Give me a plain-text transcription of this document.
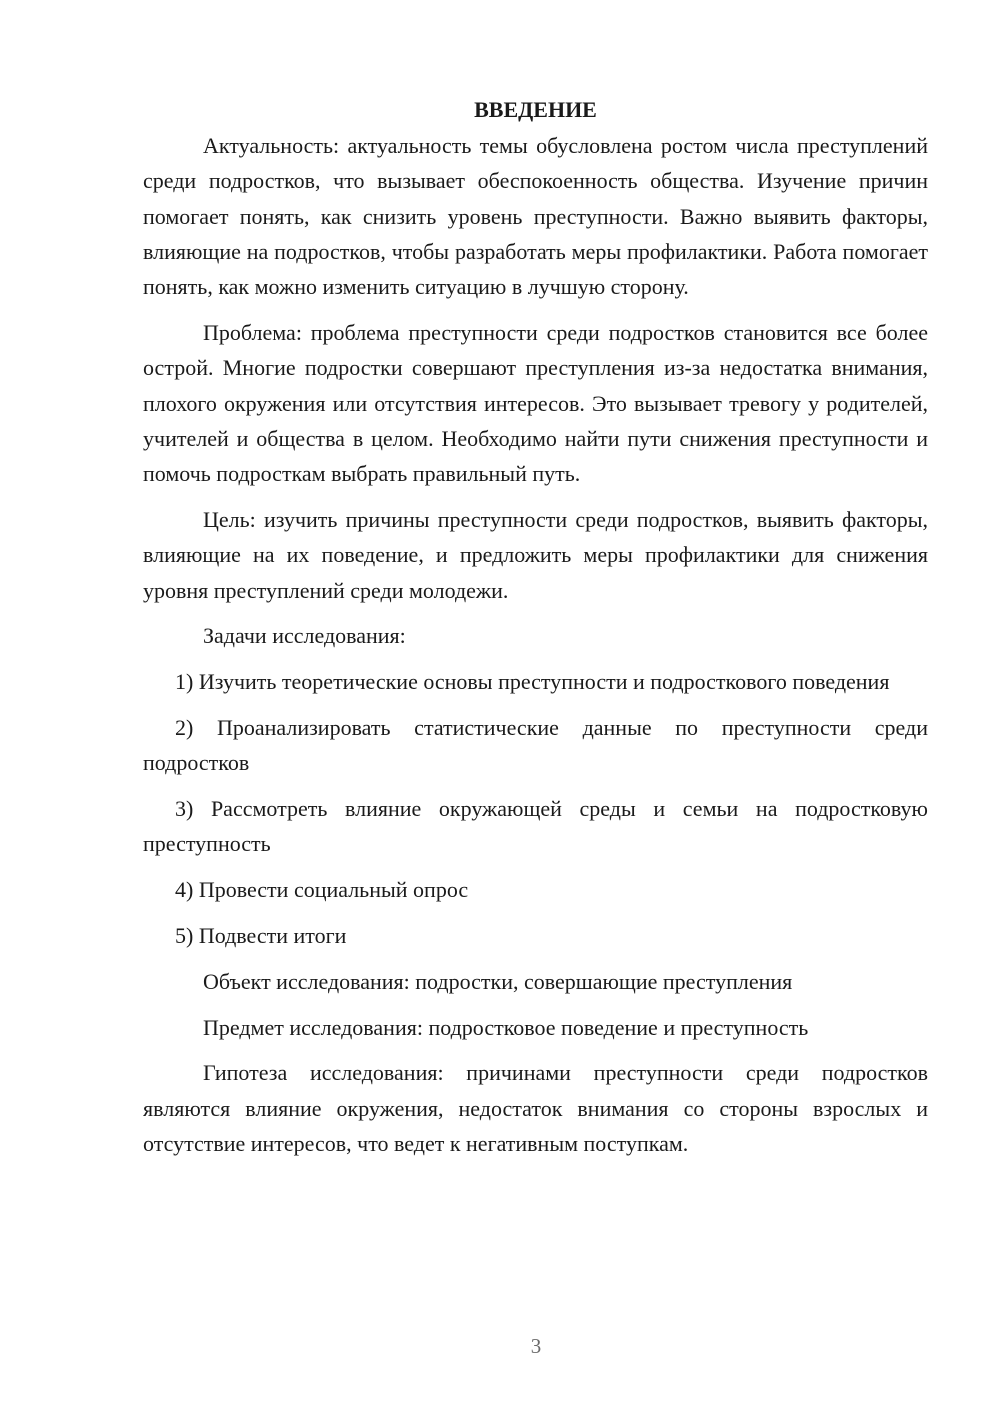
ВВЕДЕНИЕ

Актуальность: актуальность темы обусловлена ростом числа преступлений среди подростков, что вызывает обеспокоенность общества. Изучение причин помогает понять, как снизить уровень преступности. Важно выявить факторы, влияющие на подростков, чтобы разработать меры профилактики. Работа помогает понять, как можно изменить ситуацию в лучшую сторону.

Проблема: проблема преступности среди подростков становится все более острой. Многие подростки совершают преступления из-за недостатка внимания, плохого окружения или отсутствия интересов. Это вызывает тревогу у родителей, учителей и общества в целом. Необходимо найти пути снижения преступности и помочь подросткам выбрать правильный путь.

Цель: изучить причины преступности среди подростков, выявить факторы, влияющие на их поведение, и предложить меры профилактики для снижения уровня преступлений среди молодежи.

Задачи исследования:

1) Изучить теоретические основы преступности и подросткового поведения

2) Проанализировать статистические данные по преступности среди подростков

3) Рассмотреть влияние окружающей среды и семьи на подростковую преступность

4) Провести социальный опрос

5) Подвести итоги

Объект исследования: подростки, совершающие преступления

Предмет исследования: подростковое поведение и преступность

Гипотеза исследования: причинами преступности среди подростков являются влияние окружения, недостаток внимания со стороны взрослых и отсутствие интересов, что ведет к негативным поступкам.

3
